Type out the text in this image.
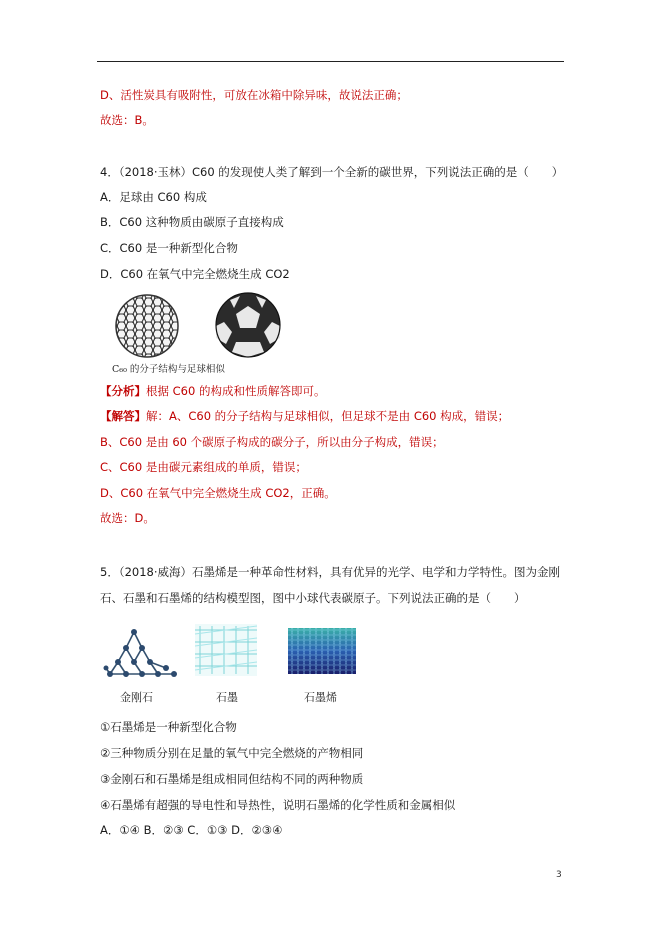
D、活性炭具有吸附性，可放在冰箱中除异味，故说法正确；
故选：B。
4．（2018·玉林）C60 的发现使人类了解到一个全新的碳世界，下列说法正确的是（　　）
A．足球由 C60 构成
B．C60 这种物质由碳原子直接构成
C．C60 是一种新型化合物
D．C60 在氧气中完全燃烧生成 CO2
C₆₀ 的分子结构与足球相似
【分析】根据 C60 的构成和性质解答即可。
【解答】解：A、C60 的分子结构与足球相似，但足球不是由 C60 构成，错误；
B、C60 是由 60 个碳原子构成的碳分子，所以由分子构成，错误；
C、C60 是由碳元素组成的单质，错误；
D、C60 在氧气中完全燃烧生成 CO2，正确。
故选：D。
5．（2018·威海）石墨烯是一种革命性材料，具有优异的光学、电学和力学特性。图为金刚
石、石墨和石墨烯的结构模型图，图中小球代表碳原子。下列说法正确的是（　　）
金刚石	石墨	石墨烯
①石墨烯是一种新型化合物
②三种物质分别在足量的氧气中完全燃烧的产物相同
③金刚石和石墨烯是组成相同但结构不同的两种物质
④石墨烯有超强的导电性和导热性，说明石墨烯的化学性质和金属相似
A．①④ B．②③ C．①③ D．②③④
3
